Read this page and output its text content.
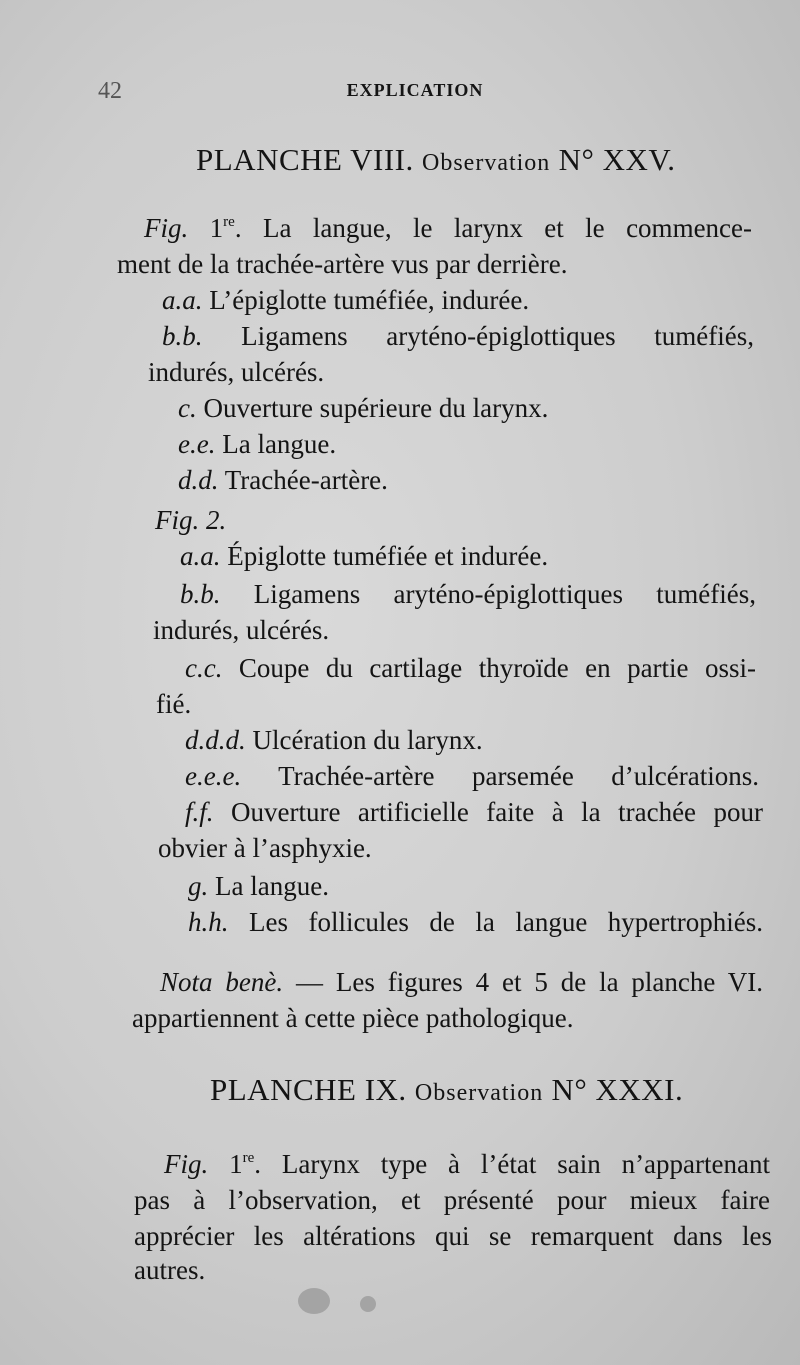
42	EXPLICATION
PLANCHE VIII. Observation N° XXV.
Fig. 1re. La langue, le larynx et le commence-
ment de la trachée-artère vus par derrière.
a.a. L’épiglotte tuméfiée, indurée.
b.b. Ligamens aryténo-épiglottiques tuméfiés,
indurés, ulcérés.
c. Ouverture supérieure du larynx.
e.e. La langue.
d.d. Trachée-artère.
Fig. 2.
a.a. Épiglotte tuméfiée et indurée.
b.b. Ligamens aryténo-épiglottiques tuméfiés,
indurés, ulcérés.
c.c. Coupe du cartilage thyroïde en partie ossi-
fié.
d.d.d. Ulcération du larynx.
e.e.e. Trachée-artère parsemée d’ulcérations.
f.f. Ouverture artificielle faite à la trachée pour
obvier à l’asphyxie.
g. La langue.
h.h. Les follicules de la langue hypertrophiés.
Nota benè. — Les figures 4 et 5 de la planche VI.
appartiennent à cette pièce pathologique.
PLANCHE IX. Observation N° XXXI.
Fig. 1re. Larynx type à l’état sain n’appartenant
pas à l’observation, et présenté pour mieux faire
apprécier les altérations qui se remarquent dans les
autres.
